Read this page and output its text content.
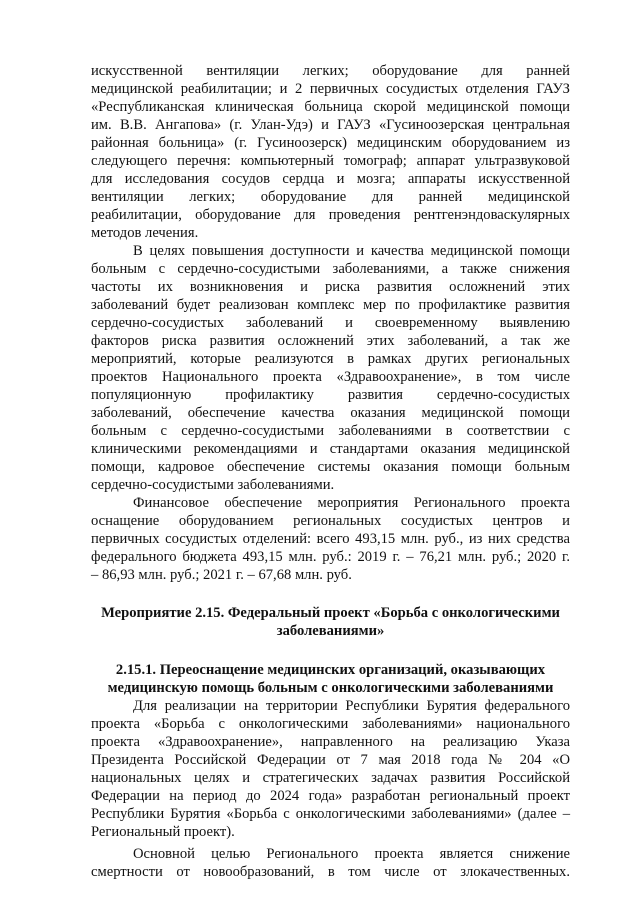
искусственной вентиляции легких; оборудование для ранней
медицинской реабилитации; и 2 первичных сосудистых отделения ГАУЗ
«Республиканская клиническая больница скорой медицинской помощи
им. В.В. Ангапова» (г. Улан-Удэ) и ГАУЗ «Гусиноозерская центральная
районная больница» (г. Гусиноозерск) медицинским оборудованием из
следующего перечня: компьютерный томограф; аппарат ультразвуковой
для исследования сосудов сердца и мозга; аппараты искусственной
вентиляции легких; оборудование для ранней медицинской
реабилитации, оборудование для проведения рентгенэндоваскулярных
методов лечения.
В целях повышения доступности и качества медицинской помощи
больным с сердечно-сосудистыми заболеваниями, а также снижения
частоты их возникновения и риска развития осложнений этих
заболеваний будет реализован комплекс мер по профилактике развития
сердечно-сосудистых заболеваний и своевременному выявлению
факторов риска развития осложнений этих заболеваний, а так же
мероприятий, которые реализуются в рамках других региональных
проектов Национального проекта «Здравоохранение», в том числе
популяционную профилактику развития сердечно-сосудистых
заболеваний, обеспечение качества оказания медицинской помощи
больным с сердечно-сосудистыми заболеваниями в соответствии с
клиническими рекомендациями и стандартами оказания медицинской
помощи, кадровое обеспечение системы оказания помощи больным
сердечно-сосудистыми заболеваниями.
Финансовое обеспечение мероприятия Регионального проекта
оснащение оборудованием региональных сосудистых центров и
первичных сосудистых отделений: всего 493,15 млн. руб., из них средства
федерального бюджета 493,15 млн. руб.: 2019 г. – 76,21 млн. руб.; 2020 г.
– 86,93 млн. руб.; 2021 г. – 67,68 млн. руб.
Мероприятие 2.15. Федеральный проект «Борьба с онкологическими
заболеваниями»
2.15.1. Переоснащение медицинских организаций, оказывающих
медицинскую помощь больным с онкологическими заболеваниями
Для реализации на территории Республики Бурятия федерального
проекта «Борьба с онкологическими заболеваниями» национального
проекта «Здравоохранение», направленного на реализацию Указа
Президента Российской Федерации от 7 мая 2018 года № 204 «О
национальных целях и стратегических задачах развития Российской
Федерации на период до 2024 года» разработан региональный проект
Республики Бурятия «Борьба с онкологическими заболеваниями» (далее –
Региональный проект).
Основной целью Регионального проекта является снижение
смертности от новообразований, в том числе от злокачественных.
